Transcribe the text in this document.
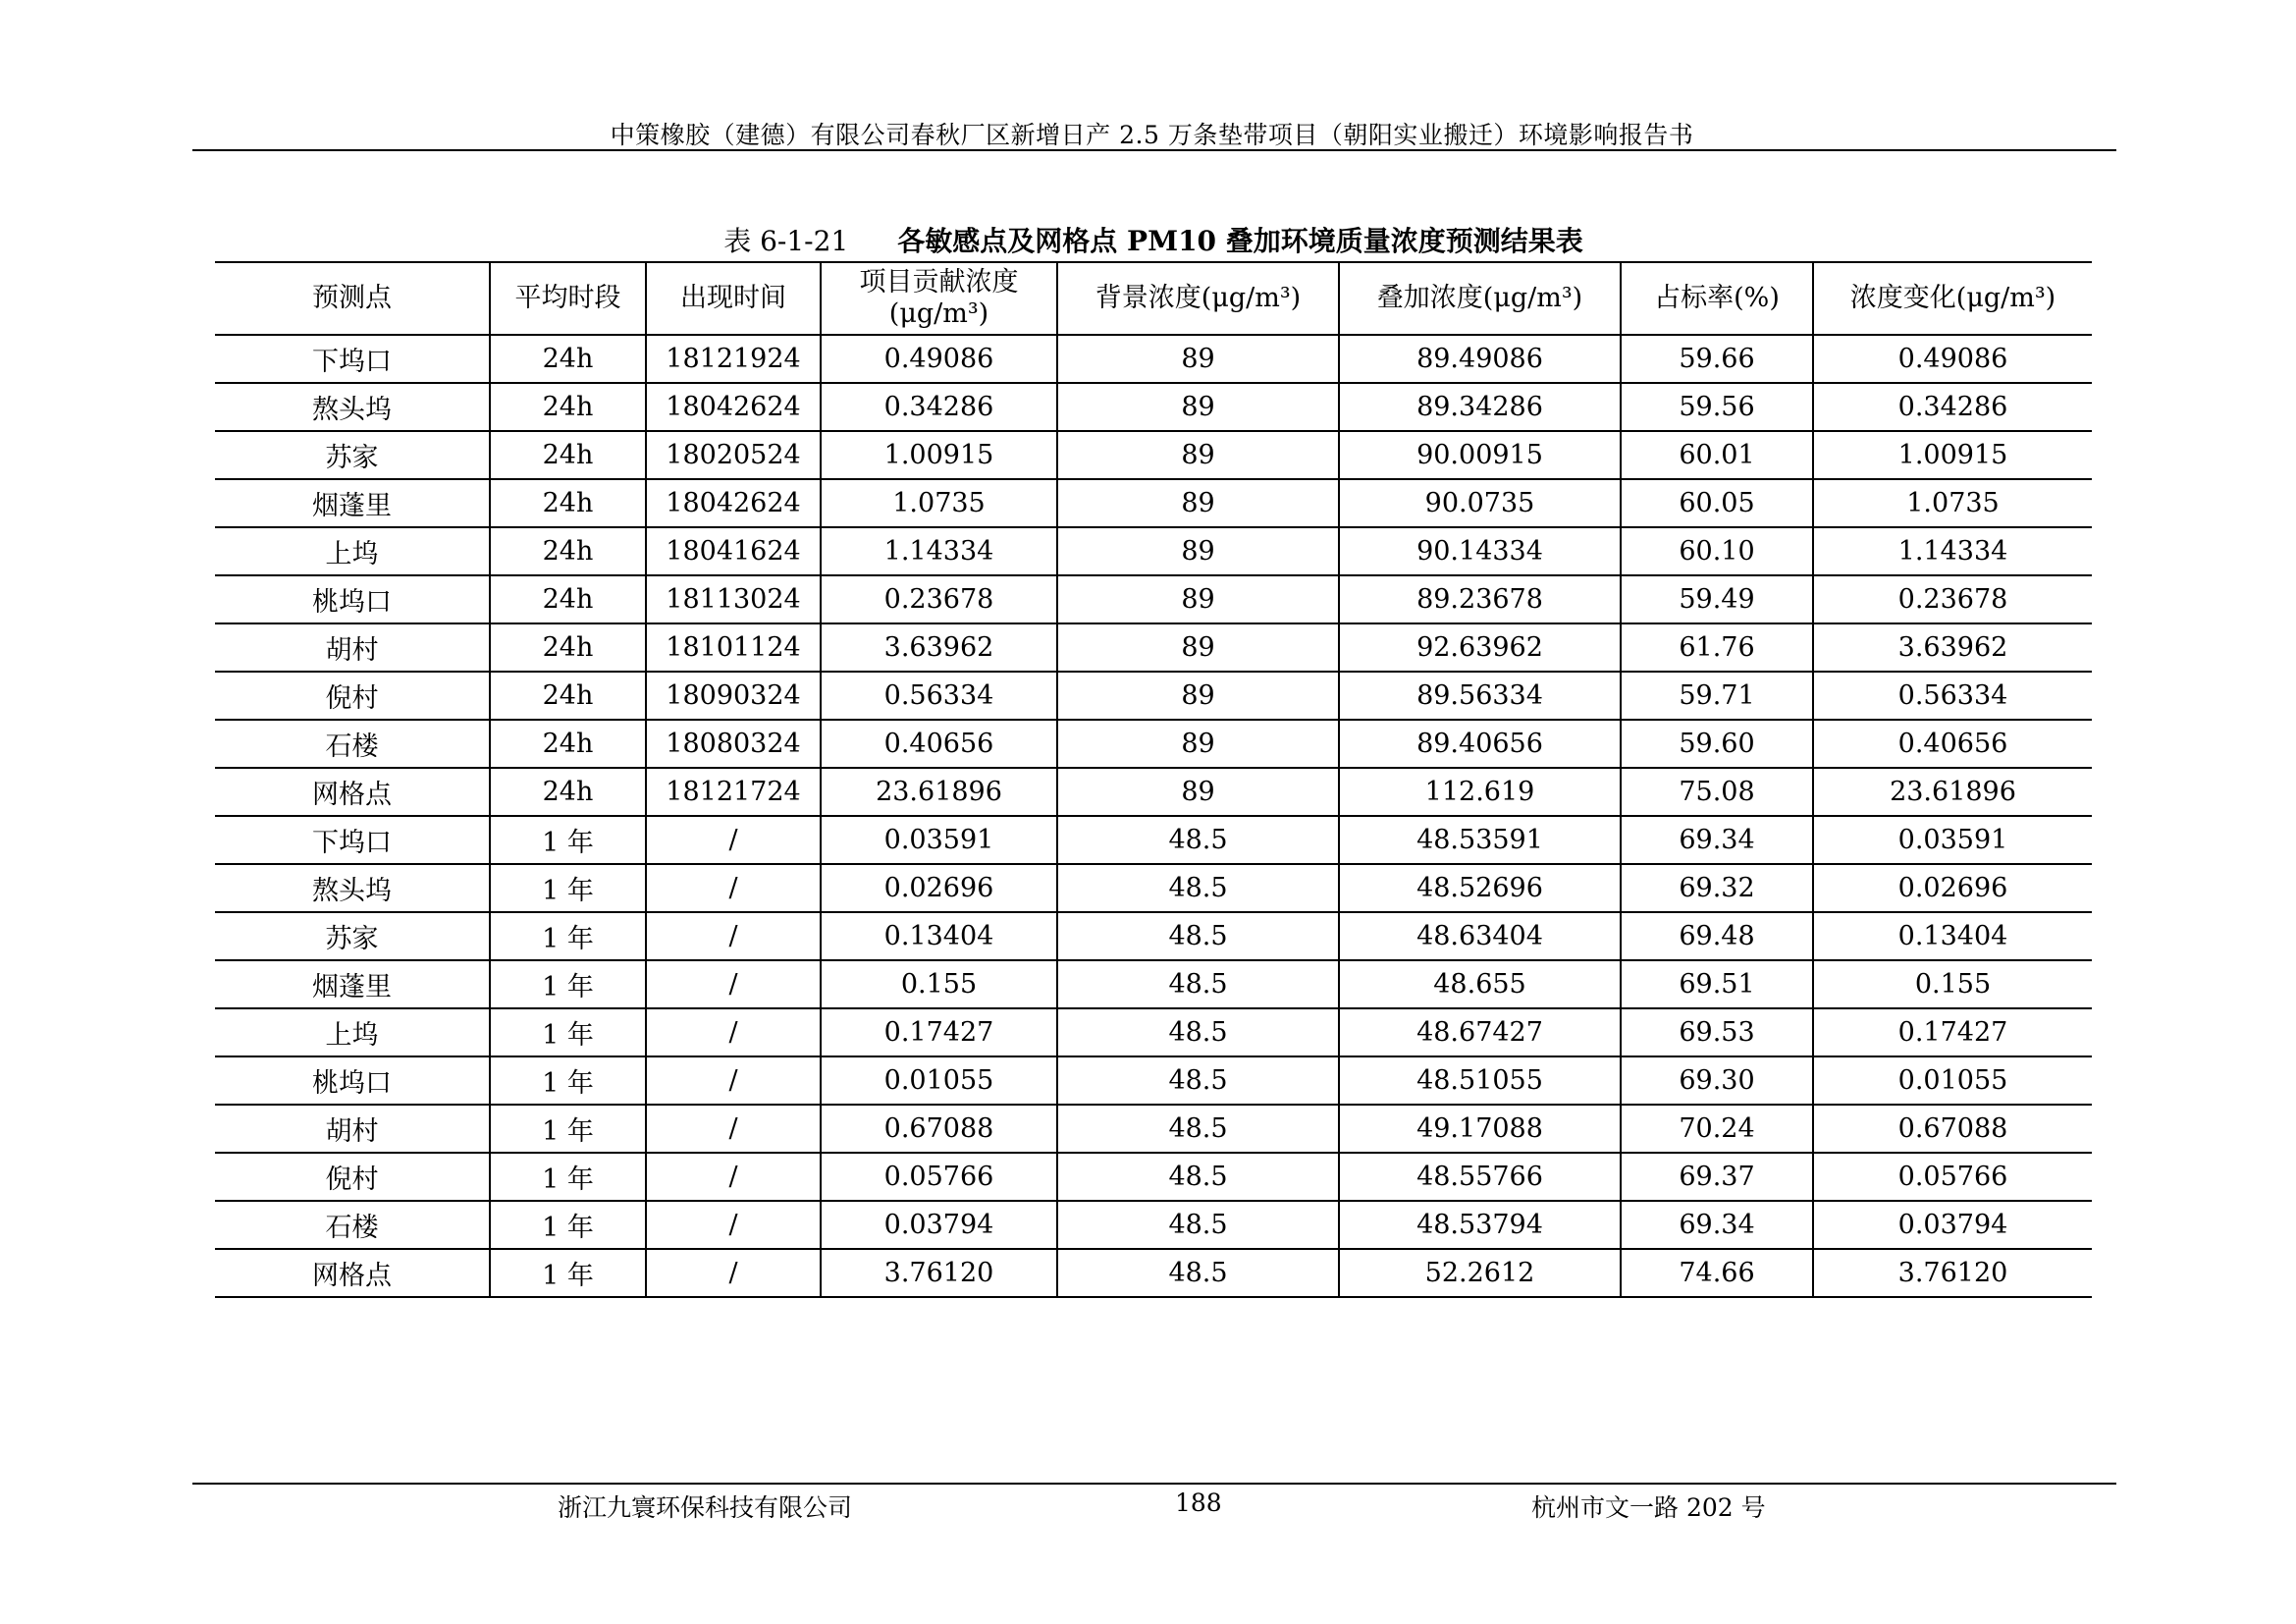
中策橡胶（建德）有限公司春秋厂区新增日产 2.5 万条垫带项目（朝阳实业搬迁）环境影响报告书
表 6-1-21 各敏感点及网格点 PM10 叠加环境质量浓度预测结果表
预测点	平均时段	出现时间	项目贡献浓度
(μg/m³)	背景浓度(μg/m³)	叠加浓度(μg/m³)	占标率(%)	浓度变化(μg/m³)
下坞口	24h	18121924	0.49086	89	89.49086	59.66	0.49086
熬头坞	24h	18042624	0.34286	89	89.34286	59.56	0.34286
苏家	24h	18020524	1.00915	89	90.00915	60.01	1.00915
烟蓬里	24h	18042624	1.0735	89	90.0735	60.05	1.0735
上坞	24h	18041624	1.14334	89	90.14334	60.10	1.14334
桃坞口	24h	18113024	0.23678	89	89.23678	59.49	0.23678
胡村	24h	18101124	3.63962	89	92.63962	61.76	3.63962
倪村	24h	18090324	0.56334	89	89.56334	59.71	0.56334
石楼	24h	18080324	0.40656	89	89.40656	59.60	0.40656
网格点	24h	18121724	23.61896	89	112.619	75.08	23.61896
下坞口	1 年	/	0.03591	48.5	48.53591	69.34	0.03591
熬头坞	1 年	/	0.02696	48.5	48.52696	69.32	0.02696
苏家	1 年	/	0.13404	48.5	48.63404	69.48	0.13404
烟蓬里	1 年	/	0.155	48.5	48.655	69.51	0.155
上坞	1 年	/	0.17427	48.5	48.67427	69.53	0.17427
桃坞口	1 年	/	0.01055	48.5	48.51055	69.30	0.01055
胡村	1 年	/	0.67088	48.5	49.17088	70.24	0.67088
倪村	1 年	/	0.05766	48.5	48.55766	69.37	0.05766
石楼	1 年	/	0.03794	48.5	48.53794	69.34	0.03794
网格点	1 年	/	3.76120	48.5	52.2612	74.66	3.76120
浙江九寰环保科技有限公司	188	杭州市文一路 202 号
